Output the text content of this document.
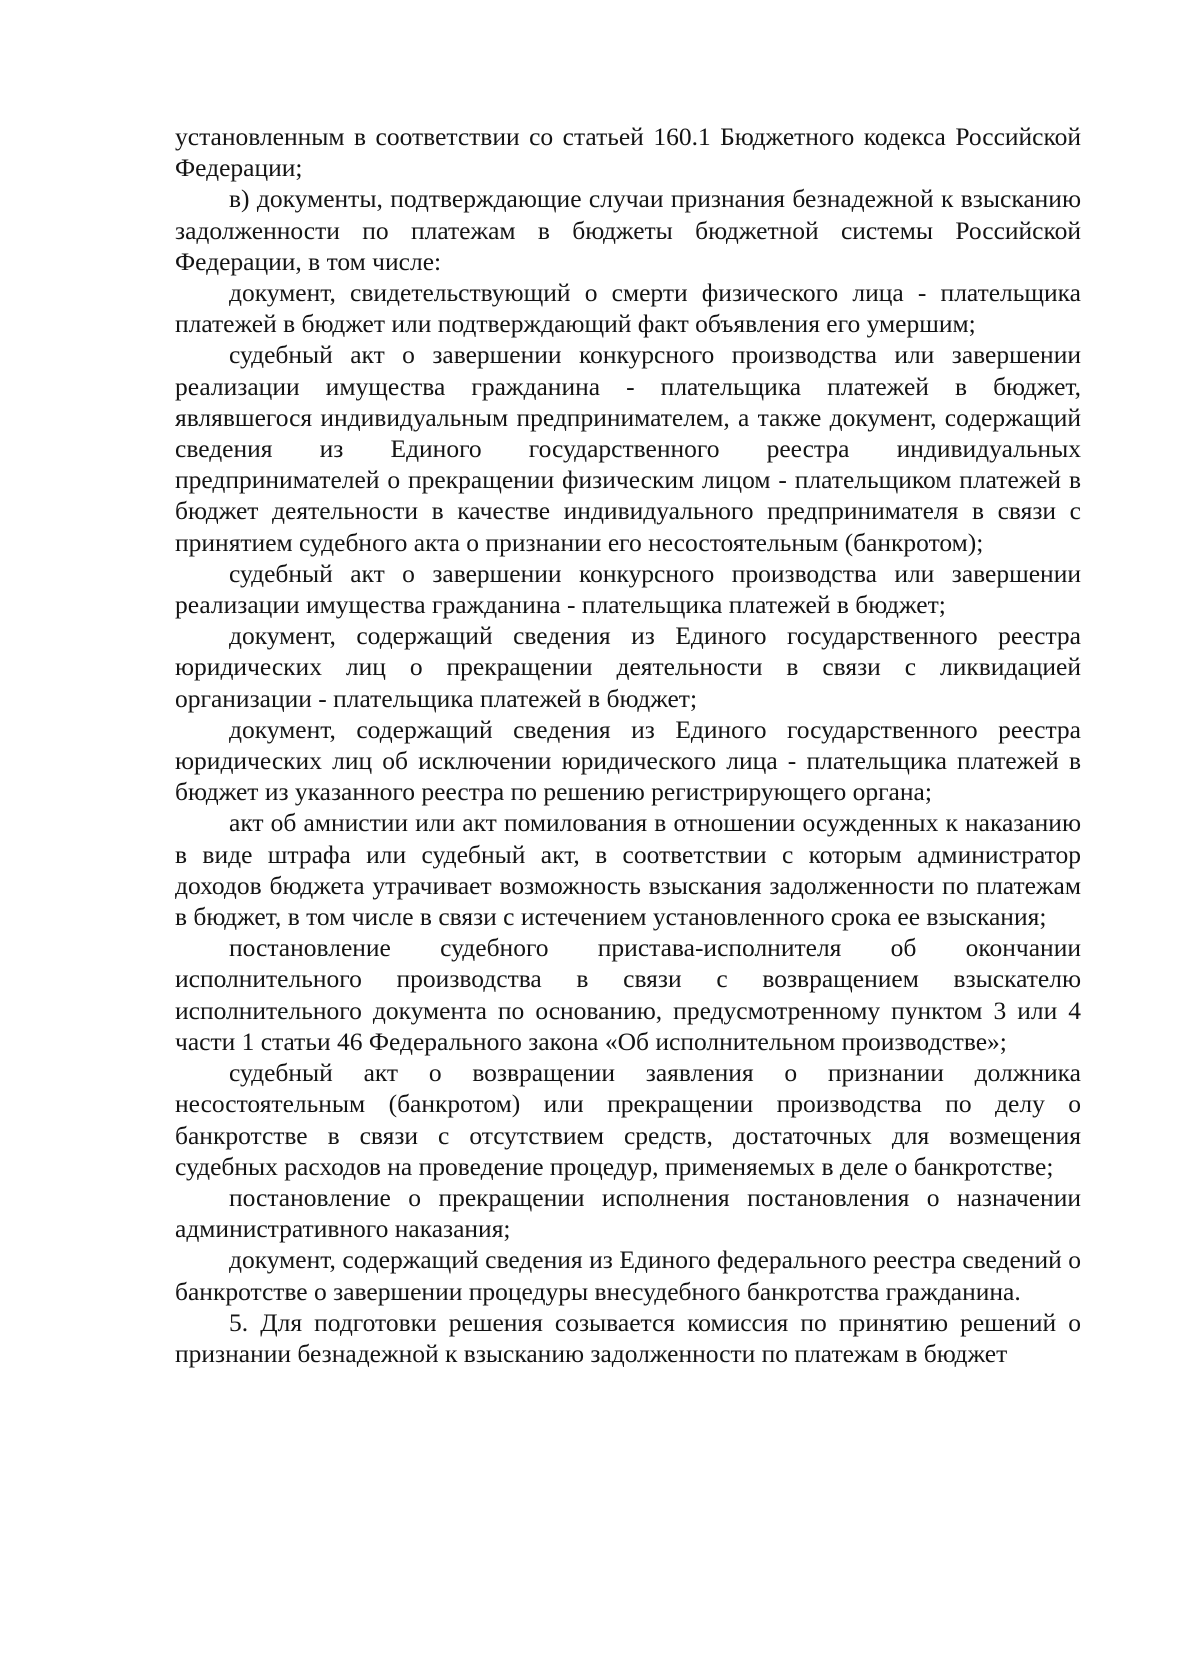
установленным в соответствии со статьей 160.1 Бюджетного кодекса Российской Федерации;

в) документы, подтверждающие случаи признания безнадежной к взысканию задолженности по платежам в бюджеты бюджетной системы Российской Федерации, в том числе:

документ, свидетельствующий о смерти физического лица - плательщика платежей в бюджет или подтверждающий факт объявления его умершим;

судебный акт о завершении конкурсного производства или завершении реализации имущества гражданина - плательщика платежей в бюджет, являвшегося индивидуальным предпринимателем, а также документ, содержащий сведения из Единого государственного реестра индивидуальных предпринимателей о прекращении физическим лицом - плательщиком платежей в бюджет деятельности в качестве индивидуального предпринимателя в связи с принятием судебного акта о признании его несостоятельным (банкротом);

судебный акт о завершении конкурсного производства или завершении реализации имущества гражданина - плательщика платежей в бюджет;

документ, содержащий сведения из Единого государственного реестра юридических лиц о прекращении деятельности в связи с ликвидацией организации - плательщика платежей в бюджет;

документ, содержащий сведения из Единого государственного реестра юридических лиц об исключении юридического лица - плательщика платежей в бюджет из указанного реестра по решению регистрирующего органа;

акт об амнистии или акт помилования в отношении осужденных к наказанию в виде штрафа или судебный акт, в соответствии с которым администратор доходов бюджета утрачивает возможность взыскания задолженности по платежам в бюджет, в том числе в связи с истечением установленного срока ее взыскания;

постановление судебного пристава-исполнителя об окончании исполнительного производства в связи с возвращением взыскателю исполнительного документа по основанию, предусмотренному пунктом 3 или 4 части 1 статьи 46 Федерального закона «Об исполнительном производстве»;

судебный акт о возвращении заявления о признании должника несостоятельным (банкротом) или прекращении производства по делу о банкротстве в связи с отсутствием средств, достаточных для возмещения судебных расходов на проведение процедур, применяемых в деле о банкротстве;

постановление о прекращении исполнения постановления о назначении административного наказания;

документ, содержащий сведения из Единого федерального реестра сведений о банкротстве о завершении процедуры внесудебного банкротства гражданина.

5. Для подготовки решения созывается комиссия по принятию решений о признании безнадежной к взысканию задолженности по платежам в бюджет
